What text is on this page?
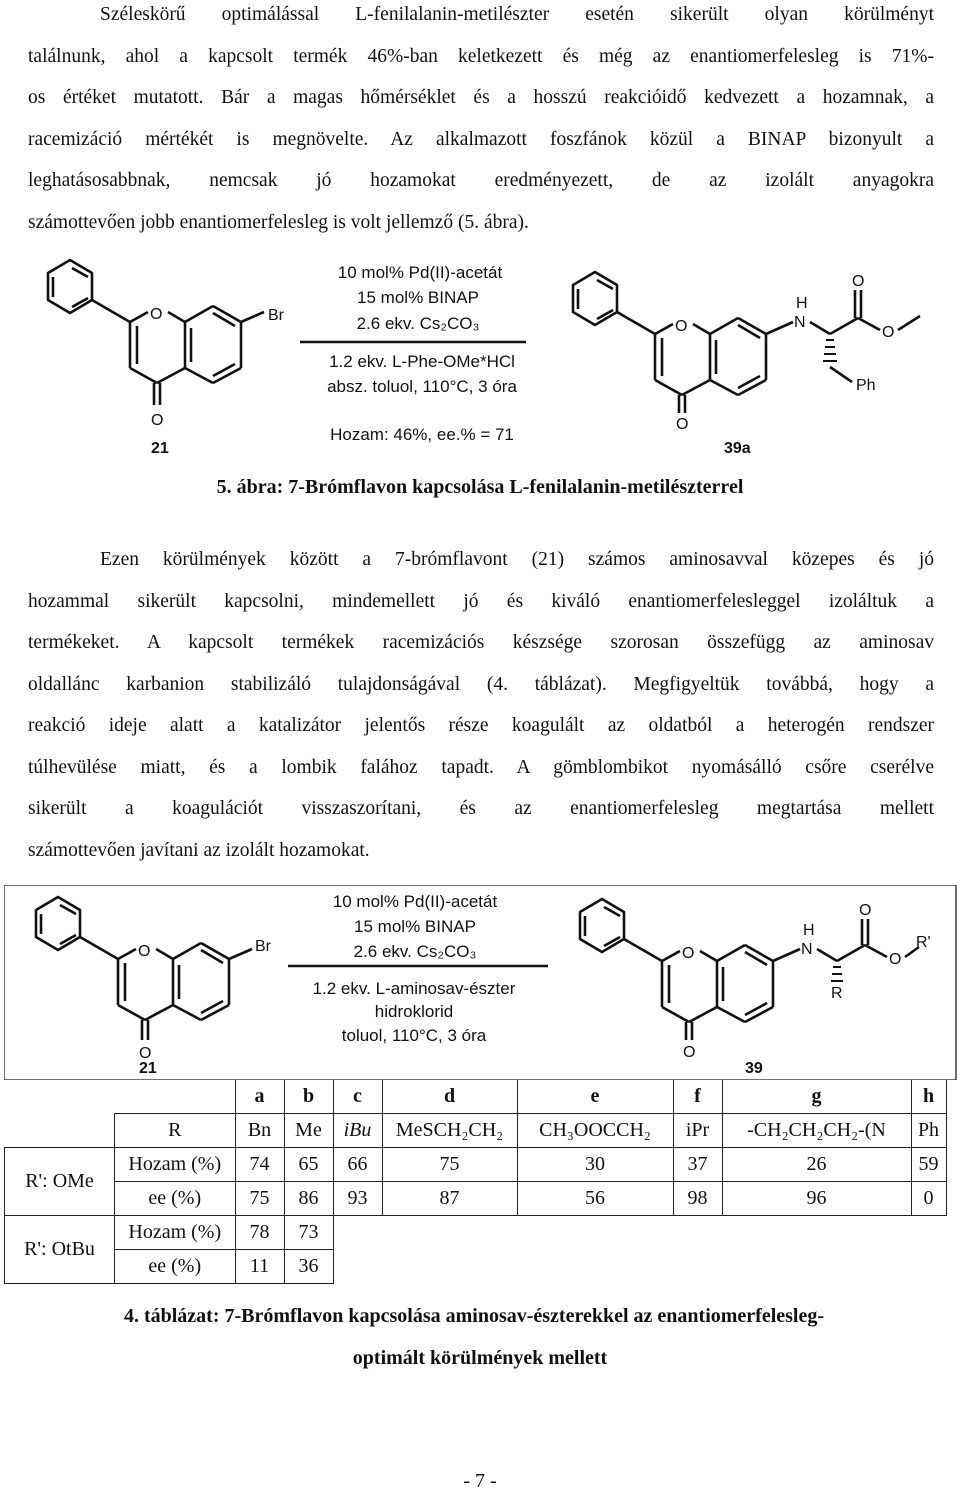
Széleskörű optimálással L-fenilalanin-metilészter esetén sikerült olyan körülményt
találnunk, ahol a kapcsolt termék 46%-ban keletkezett és még az enantiomerfelesleg is 71%-
os értéket mutatott. Bár a magas hőmérséklet és a hosszú reakcióidő kedvezett a hozamnak, a
racemizáció mértékét is megnövelte. Az alkalmazott foszfánok közül a BINAP bizonyult a
leghatásosabbnak, nemcsak jó hozamokat eredményezett, de az izolált anyagokra
számottevően jobb enantiomerfelesleg is volt jellemző (5. ábra).
O
O
Br
21
O
O
H
N
O
O
Ph
39a
10 mol% Pd(II)-acetát
15 mol% BINAP
2.6 ekv. Cs₂CO₃
1.2 ekv. L-Phe-OMe*HCl
absz. toluol, 110°C, 3 óra
Hozam: 46%, ee.% = 71
5. ábra: 7-Brómflavon kapcsolása L-fenilalanin-metilészterrel
Ezen körülmények között a 7-brómflavont (21) számos aminosavval közepes és jó
hozammal sikerült kapcsolni, mindemellett jó és kiváló enantiomerfelesleggel izoláltuk a
termékeket. A kapcsolt termékek racemizációs készsége szorosan összefügg az aminosav
oldallánc karbanion stabilizáló tulajdonságával (4. táblázat). Megfigyeltük továbbá, hogy a
reakció ideje alatt a katalizátor jelentős része koagulált az oldatból a heterogén rendszer
túlhevülése miatt, és a lombik falához tapadt. A gömblombikot nyomásálló csőre cserélve
sikerült a koagulációt visszaszorítani, és az enantiomerfelesleg megtartása mellett
számottevően javítani az izolált hozamokat.
O
O
Br
21
O
O
H
N
O
O
R'
R
39
10 mol% Pd(II)-acetát
15 mol% BINAP
2.6 ekv. Cs₂CO₃
1.2 ekv. L-aminosav-észter
hidroklorid
toluol, 110°C, 3 óra
		a	b	c	d	e	f	g	h
	R	Bn	Me	iBu	MeSCH₂CH₂	CH₃OOCCH₂	iPr	-CH₂CH₂CH₂-(N	Ph
R': OMe	Hozam (%)	74	65	66	75	30	37	26	59
	ee (%)	75	86	93	87	56	98	96	0
R': OtBu	Hozam (%)	78	73						
	ee (%)	11	36						
4. táblázat: 7-Brómflavon kapcsolása aminosav-észterekkel az enantiomerfelesleg-
optimált körülmények mellett
- 7 -
